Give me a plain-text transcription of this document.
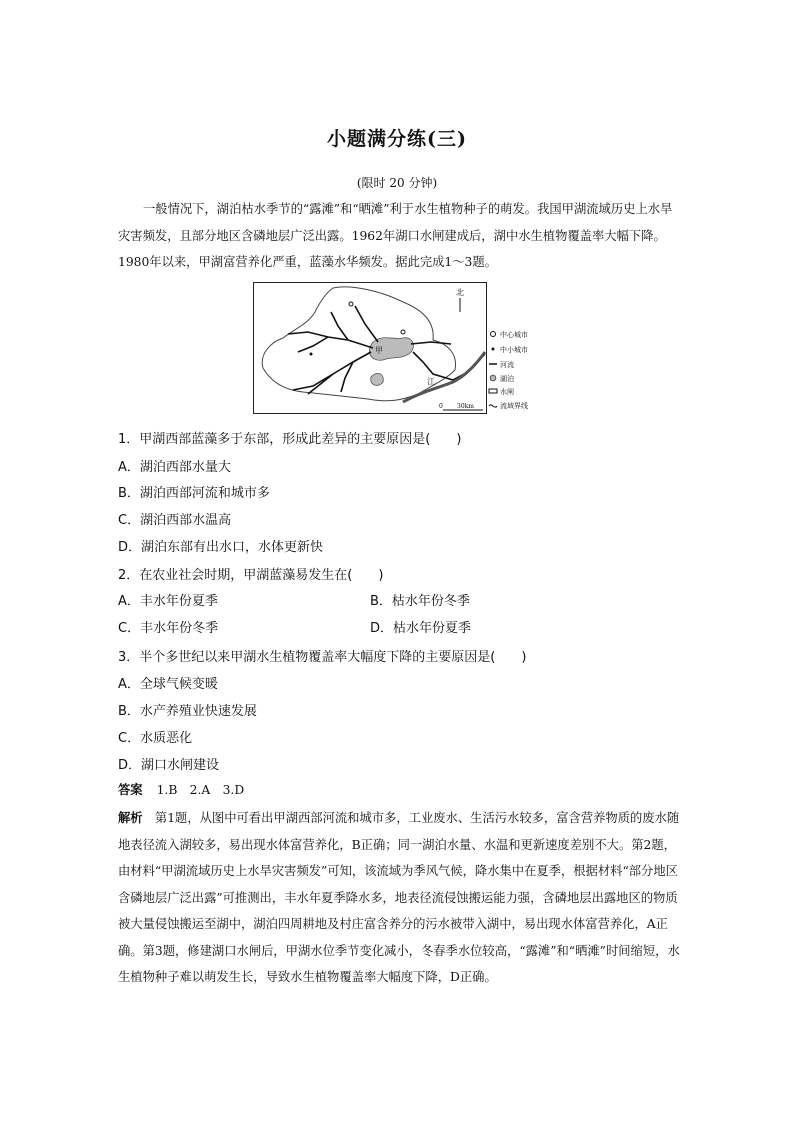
小题满分练(三)
(限时 20 分钟)
一般情况下，湖泊枯水季节的“露滩”和“晒滩”利于水生植物种子的萌发。我国甲湖流域历史上水旱灾害频发，且部分地区含磷地层广泛出露。1962年湖口水闸建成后，湖中水生植物覆盖率大幅下降。1980年以来，甲湖富营养化严重，蓝藻水华频发。据此完成1～3题。
甲
江
北
0 30km
中心城市
中小城市
河流
湖泊
水闸
流域界线
1．甲湖西部蓝藻多于东部，形成此差异的主要原因是(　　)
A．湖泊西部水量大
B．湖泊西部河流和城市多
C．湖泊西部水温高
D．湖泊东部有出水口，水体更新快
2．在农业社会时期，甲湖蓝藻易发生在(　　)
A．丰水年份夏季	B．枯水年份冬季
C．丰水年份冬季	D．枯水年份夏季
3．半个多世纪以来甲湖水生植物覆盖率大幅度下降的主要原因是(　　)
A．全球气候变暖
B．水产养殖业快速发展
C．水质恶化
D．湖口水闸建设
答案 1.B　2.A　3.D
解析　第1题，从图中可看出甲湖西部河流和城市多，工业废水、生活污水较多，富含营养物质的废水随地表径流入湖较多，易出现水体富营养化，B正确；同一湖泊水量、水温和更新速度差别不大。第2题，由材料“甲湖流域历史上水旱灾害频发”可知，该流域为季风气候，降水集中在夏季，根据材料“部分地区含磷地层广泛出露”可推测出，丰水年夏季降水多，地表径流侵蚀搬运能力强，含磷地层出露地区的物质被大量侵蚀搬运至湖中，湖泊四周耕地及村庄富含养分的污水被带入湖中，易出现水体富营养化，A正确。第3题，修建湖口水闸后，甲湖水位季节变化减小，冬春季水位较高，“露滩”和“晒滩”时间缩短，水生植物种子难以萌发生长，导致水生植物覆盖率大幅度下降，D正确。
